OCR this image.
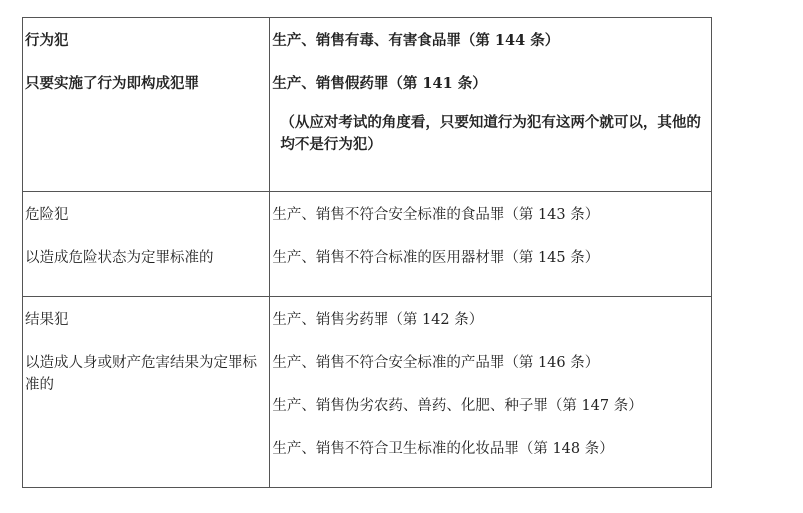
行为犯
只要实施了行为即构成犯罪	生产、销售有毒、有害食品罪（第 144 条）
生产、销售假药罪（第 141 条）
（从应对考试的角度看，只要知道行为犯有这两个就可以，其他的均不是行为犯）

危险犯
以造成危险状态为定罪标准的	生产、销售不符合安全标准的食品罪（第 143 条）
生产、销售不符合标准的医用器材罪（第 145 条）

结果犯
以造成人身或财产危害结果为定罪标准的	生产、销售劣药罪（第 142 条）
生产、销售不符合安全标准的产品罪（第 146 条）
生产、销售伪劣农药、兽药、化肥、种子罪（第 147 条）
生产、销售不符合卫生标准的化妆品罪（第 148 条）
